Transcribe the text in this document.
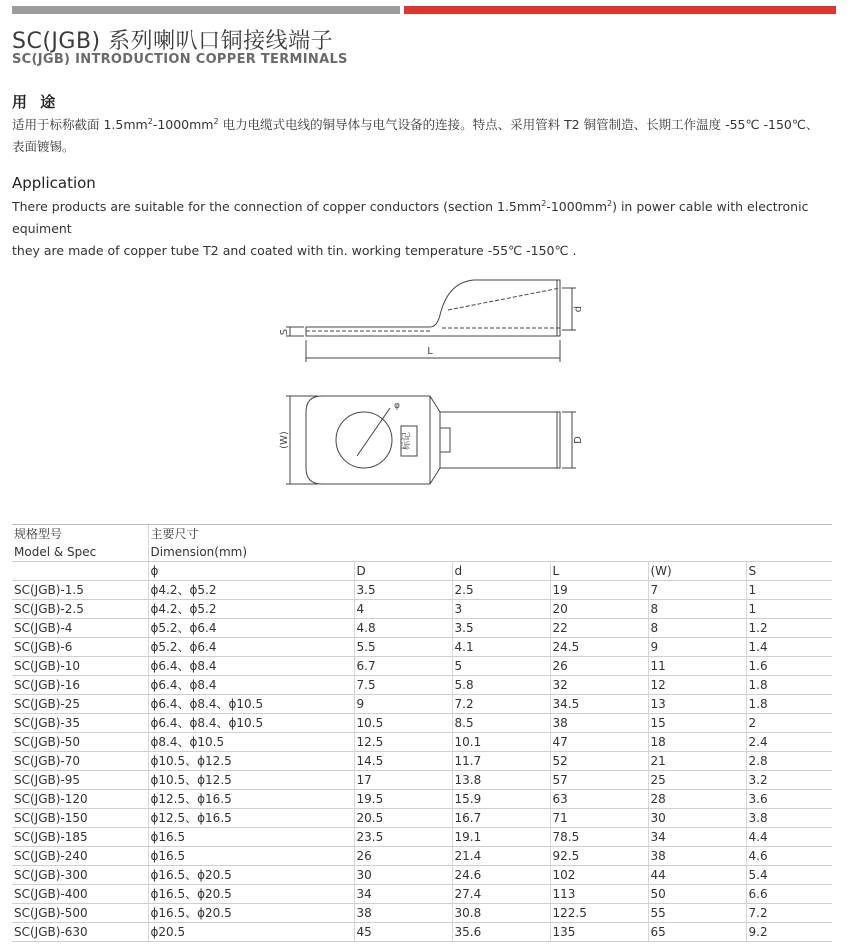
SC(JGB) 系列喇叭口铜接线端子
SC(JGB) INTRODUCTION COPPER TERMINALS
用 途
适用于标称截面 $1.5mm^2-1000mm^2$ 电力电缆式电线的铜导体与电气设备的连接。特点、采用管料 T2 铜管制造、长期工作温度 -55℃ -150℃、
表面镀锡。
Application
There products are suitable for the connection of copper conductors (section $1.5mm^2-1000mm^2$) in power cable with electronic equiment
they are made of copper tube T2 and coated with tin. working temperature -55℃ -150℃ .
S
L
d
(W)	D
φ
标记
规格型号	主要尺寸					
Model & Spec	Dimension(mm)					
	ϕ	D	d	L	(W)	S
SC(JGB)-1.5	ϕ4.2、ϕ5.2	3.5	2.5	19	7	1
SC(JGB)-2.5	ϕ4.2、ϕ5.2	4	3	20	8	1
SC(JGB)-4	ϕ5.2、ϕ6.4	4.8	3.5	22	8	1.2
SC(JGB)-6	ϕ5.2、ϕ6.4	5.5	4.1	24.5	9	1.4
SC(JGB)-10	ϕ6.4、ϕ8.4	6.7	5	26	11	1.6
SC(JGB)-16	ϕ6.4、ϕ8.4	7.5	5.8	32	12	1.8
SC(JGB)-25	ϕ6.4、ϕ8.4、ϕ10.5	9	7.2	34.5	13	1.8
SC(JGB)-35	ϕ6.4、ϕ8.4、ϕ10.5	10.5	8.5	38	15	2
SC(JGB)-50	ϕ8.4、ϕ10.5	12.5	10.1	47	18	2.4
SC(JGB)-70	ϕ10.5、ϕ12.5	14.5	11.7	52	21	2.8
SC(JGB)-95	ϕ10.5、ϕ12.5	17	13.8	57	25	3.2
SC(JGB)-120	ϕ12.5、ϕ16.5	19.5	15.9	63	28	3.6
SC(JGB)-150	ϕ12.5、ϕ16.5	20.5	16.7	71	30	3.8
SC(JGB)-185	ϕ16.5	23.5	19.1	78.5	34	4.4
SC(JGB)-240	ϕ16.5	26	21.4	92.5	38	4.6
SC(JGB)-300	ϕ16.5、ϕ20.5	30	24.6	102	44	5.4
SC(JGB)-400	ϕ16.5、ϕ20.5	34	27.4	113	50	6.6
SC(JGB)-500	ϕ16.5、ϕ20.5	38	30.8	122.5	55	7.2
SC(JGB)-630	ϕ20.5	45	35.6	135	65	9.2
